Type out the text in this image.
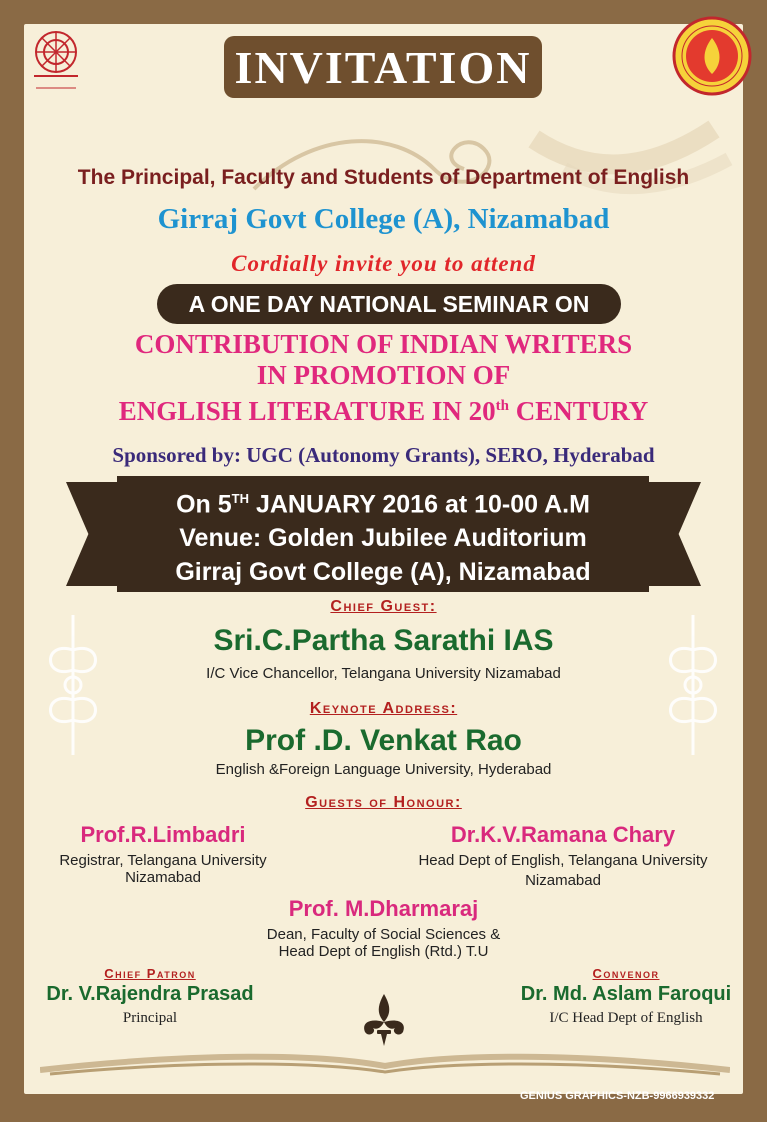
INVITATION
The Principal, Faculty and Students of Department of English
Girraj Govt College (A), Nizamabad
Cordially invite you to attend
A ONE DAY NATIONAL SEMINAR ON
CONTRIBUTION OF INDIAN WRITERS
IN PROMOTION OF
ENGLISH LITERATURE IN 20th CENTURY
Sponsored by: UGC (Autonomy Grants), SERO, Hyderabad
On 5TH JANUARY 2016 at 10-00 A.M
Venue: Golden Jubilee Auditorium
Girraj Govt College (A), Nizamabad
Chief Guest:
Sri.C.Partha Sarathi IAS
I/C Vice Chancellor, Telangana University Nizamabad
Keynote Address:
Prof .D. Venkat Rao
English &Foreign Language University, Hyderabad
Guests of Honour:
Prof.R.Limbadri
Registrar, Telangana University
Nizamabad
Dr.K.V.Ramana Chary
Head Dept of English, Telangana University
Nizamabad
Prof. M.Dharmaraj
Dean, Faculty of Social Sciences &
Head Dept of English (Rtd.) T.U
Chief Patron
Dr. V.Rajendra Prasad
Principal
Convenor
Dr. Md. Aslam Faroqui
I/C Head Dept of English
GENIUS GRAPHICS-NZB-9966939332
